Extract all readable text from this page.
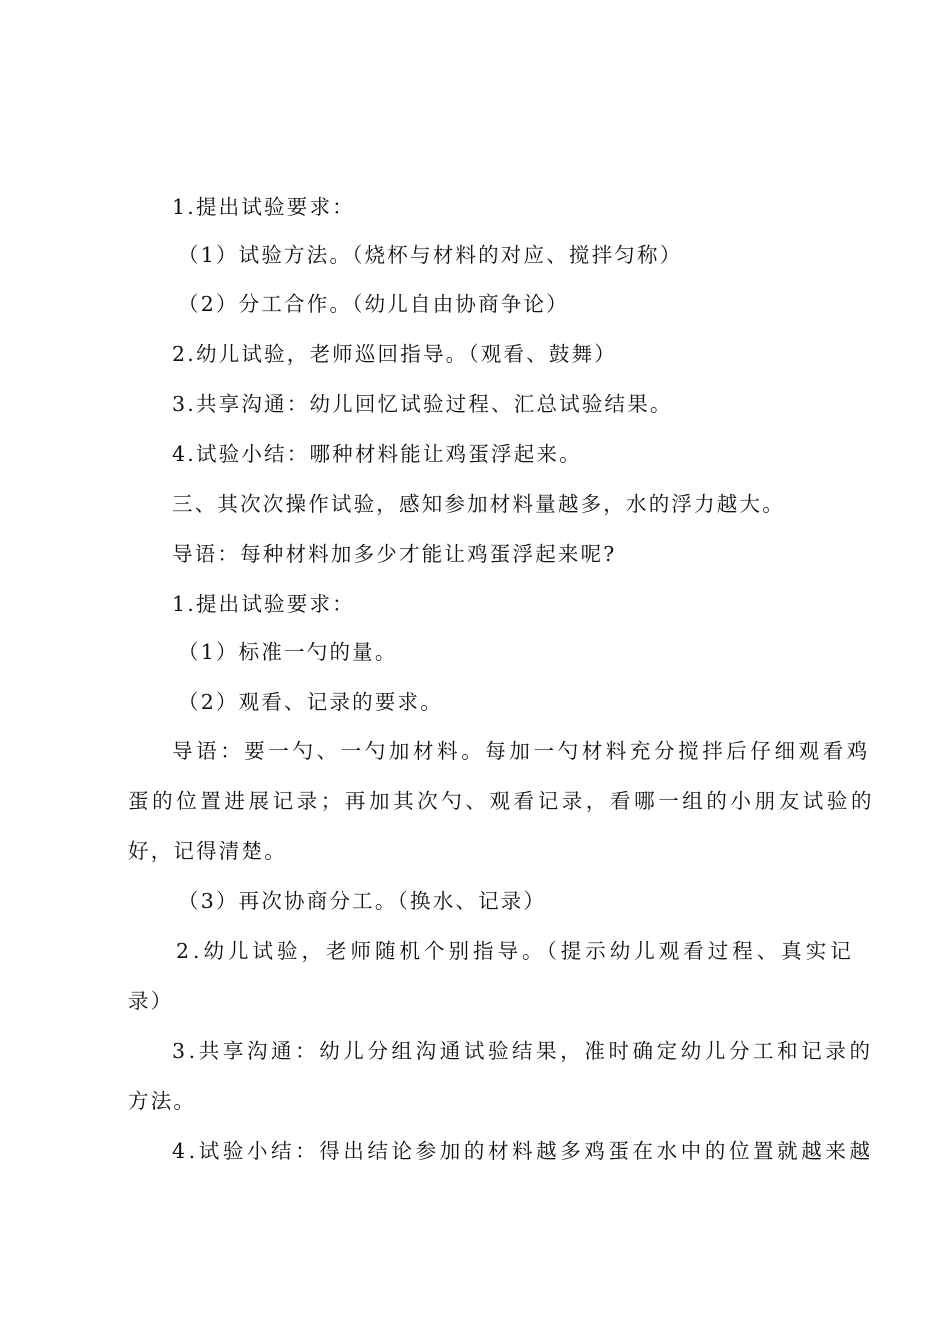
1.提出试验要求：
（1）试验方法。（烧杯与材料的对应、搅拌匀称）
（2）分工合作。（幼儿自由协商争论）
2.幼儿试验，老师巡回指导。（观看、鼓舞）
3.共享沟通：幼儿回忆试验过程、汇总试验结果。
4.试验小结：哪种材料能让鸡蛋浮起来。
三、其次次操作试验，感知参加材料量越多，水的浮力越大。
导语：每种材料加多少才能让鸡蛋浮起来呢?
1.提出试验要求：
（1）标准一勺的量。
（2）观看、记录的要求。
导语：要一勺、一勺加材料。每加一勺材料充分搅拌后仔细观看鸡
蛋的位置进展记录；再加其次勺、观看记录，看哪一组的小朋友试验的
好，记得清楚。
（3）再次协商分工。（换水、记录）
2.幼儿试验，老师随机个别指导。（提示幼儿观看过程、真实记
录）
3.共享沟通：幼儿分组沟通试验结果，准时确定幼儿分工和记录的
方法。
4.试验小结：得出结论参加的材料越多鸡蛋在水中的位置就越来越
